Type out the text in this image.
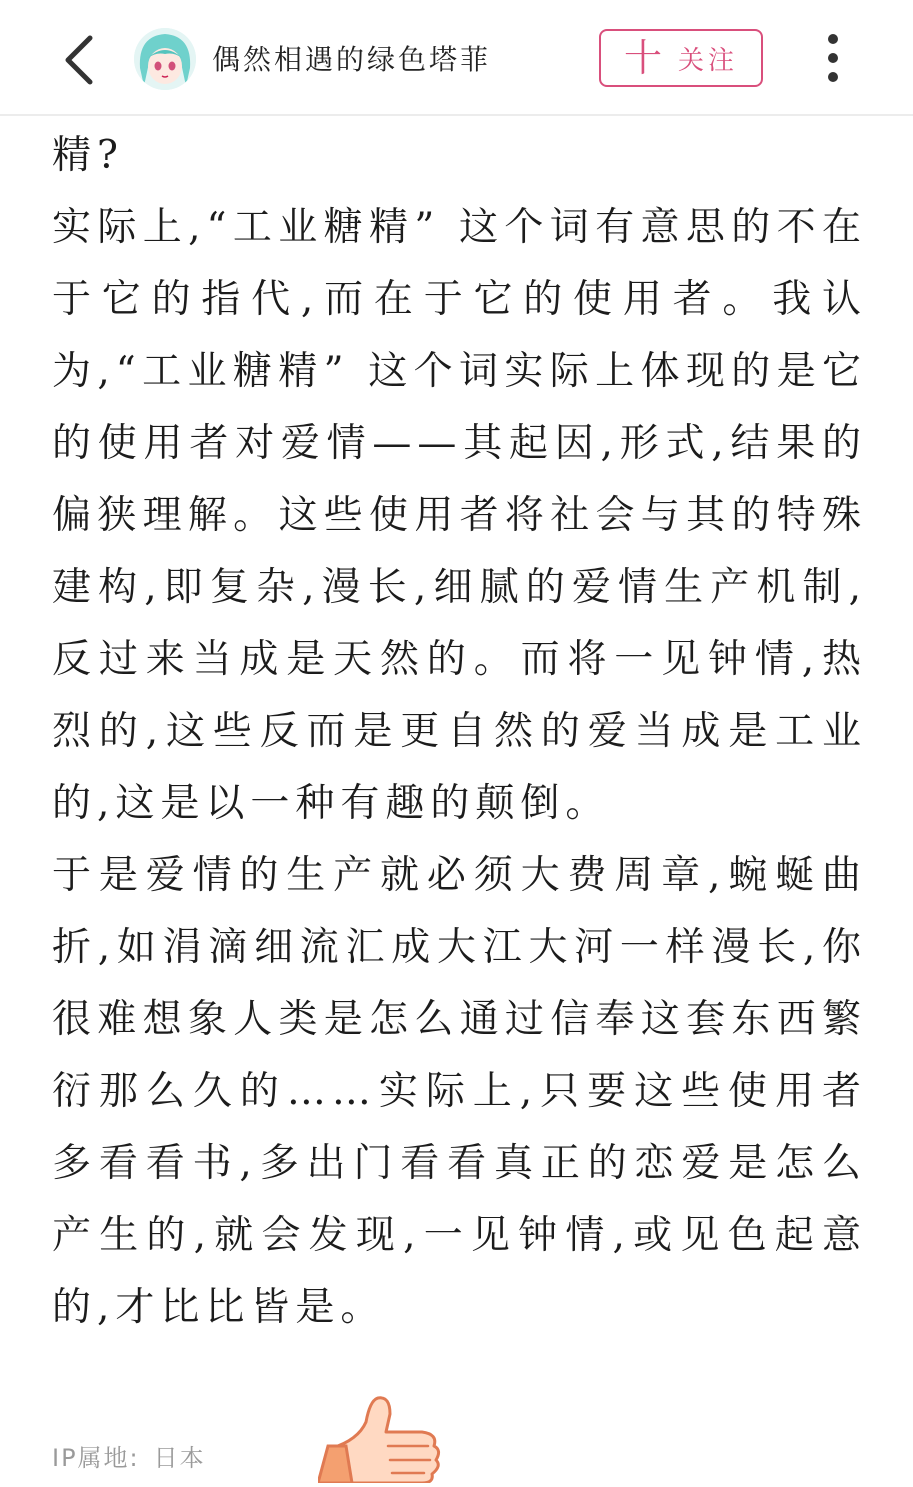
偶然相遇的绿色塔菲	十 关注

精?

实际上,“工业糖精” 这个词有意思的不在于它的指代,而在于它的使用者。我认为,“工业糖精” 这个词实际上体现的是它的使用者对爱情——其起因,形式,结果的偏狭理解。这些使用者将社会与其的特殊建构,即复杂,漫长,细腻的爱情生产机制,反过来当成是天然的。而将一见钟情,热烈的,这些反而是更自然的爱当成是工业的,这是以一种有趣的颠倒。

于是爱情的生产就必须大费周章,蜿蜒曲折,如涓滴细流汇成大江大河一样漫长,你很难想象人类是怎么通过信奉这套东西繁衍那么久的……实际上,只要这些使用者多看看书,多出门看看真正的恋爱是怎么产生的,就会发现,一见钟情,或见色起意的,才比比皆是。

IP属地: 日本
